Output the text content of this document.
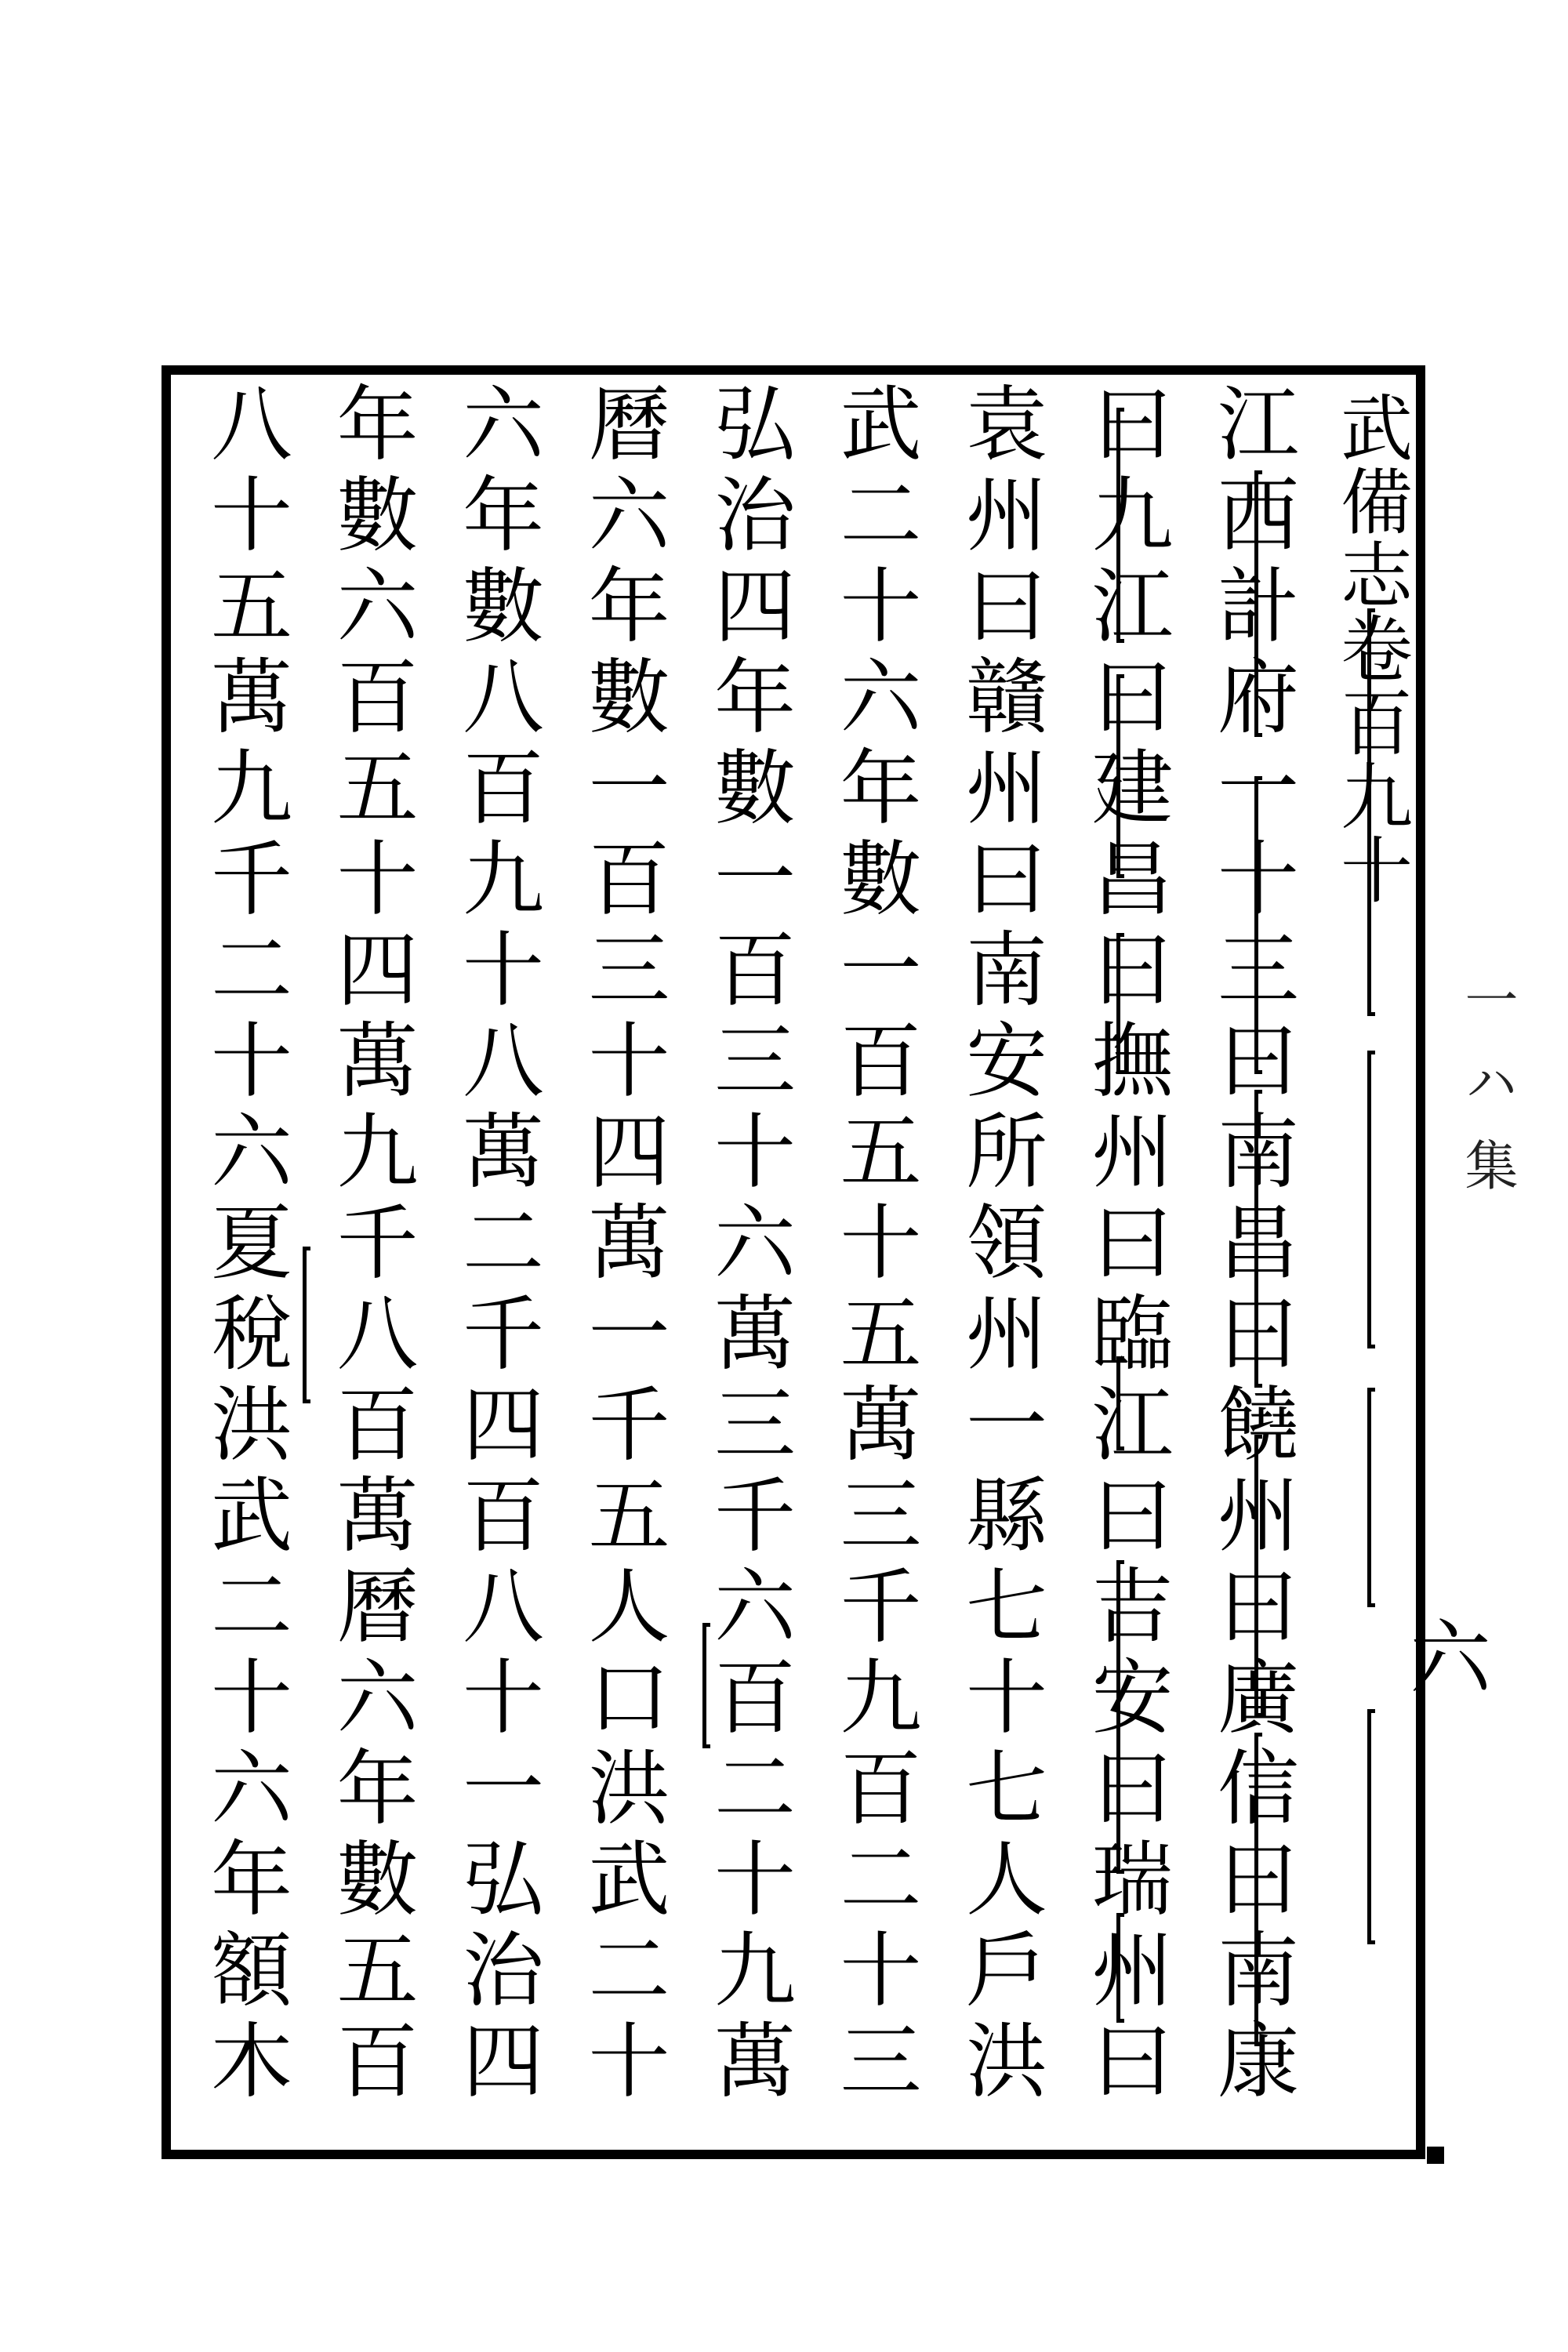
武備志卷百九十
一 ハ 集
六
江西計府一十三曰南昌曰饒州曰廣信曰南康
曰九江曰建昌曰撫州曰臨江曰吉安曰瑞州曰
袁州曰贛州曰南安所領州一縣七十七人戶洪
武二十六年數一百五十五萬三千九百二十三
弘治四年數一百三十六萬三千六百二十九萬
曆六年數一百三十四萬一千五人口洪武二十
六年數八百九十八萬二千四百八十一弘治四
年數六百五十四萬九千八百萬曆六年數五百
八十五萬九千二十六夏稅洪武二十六年額木
